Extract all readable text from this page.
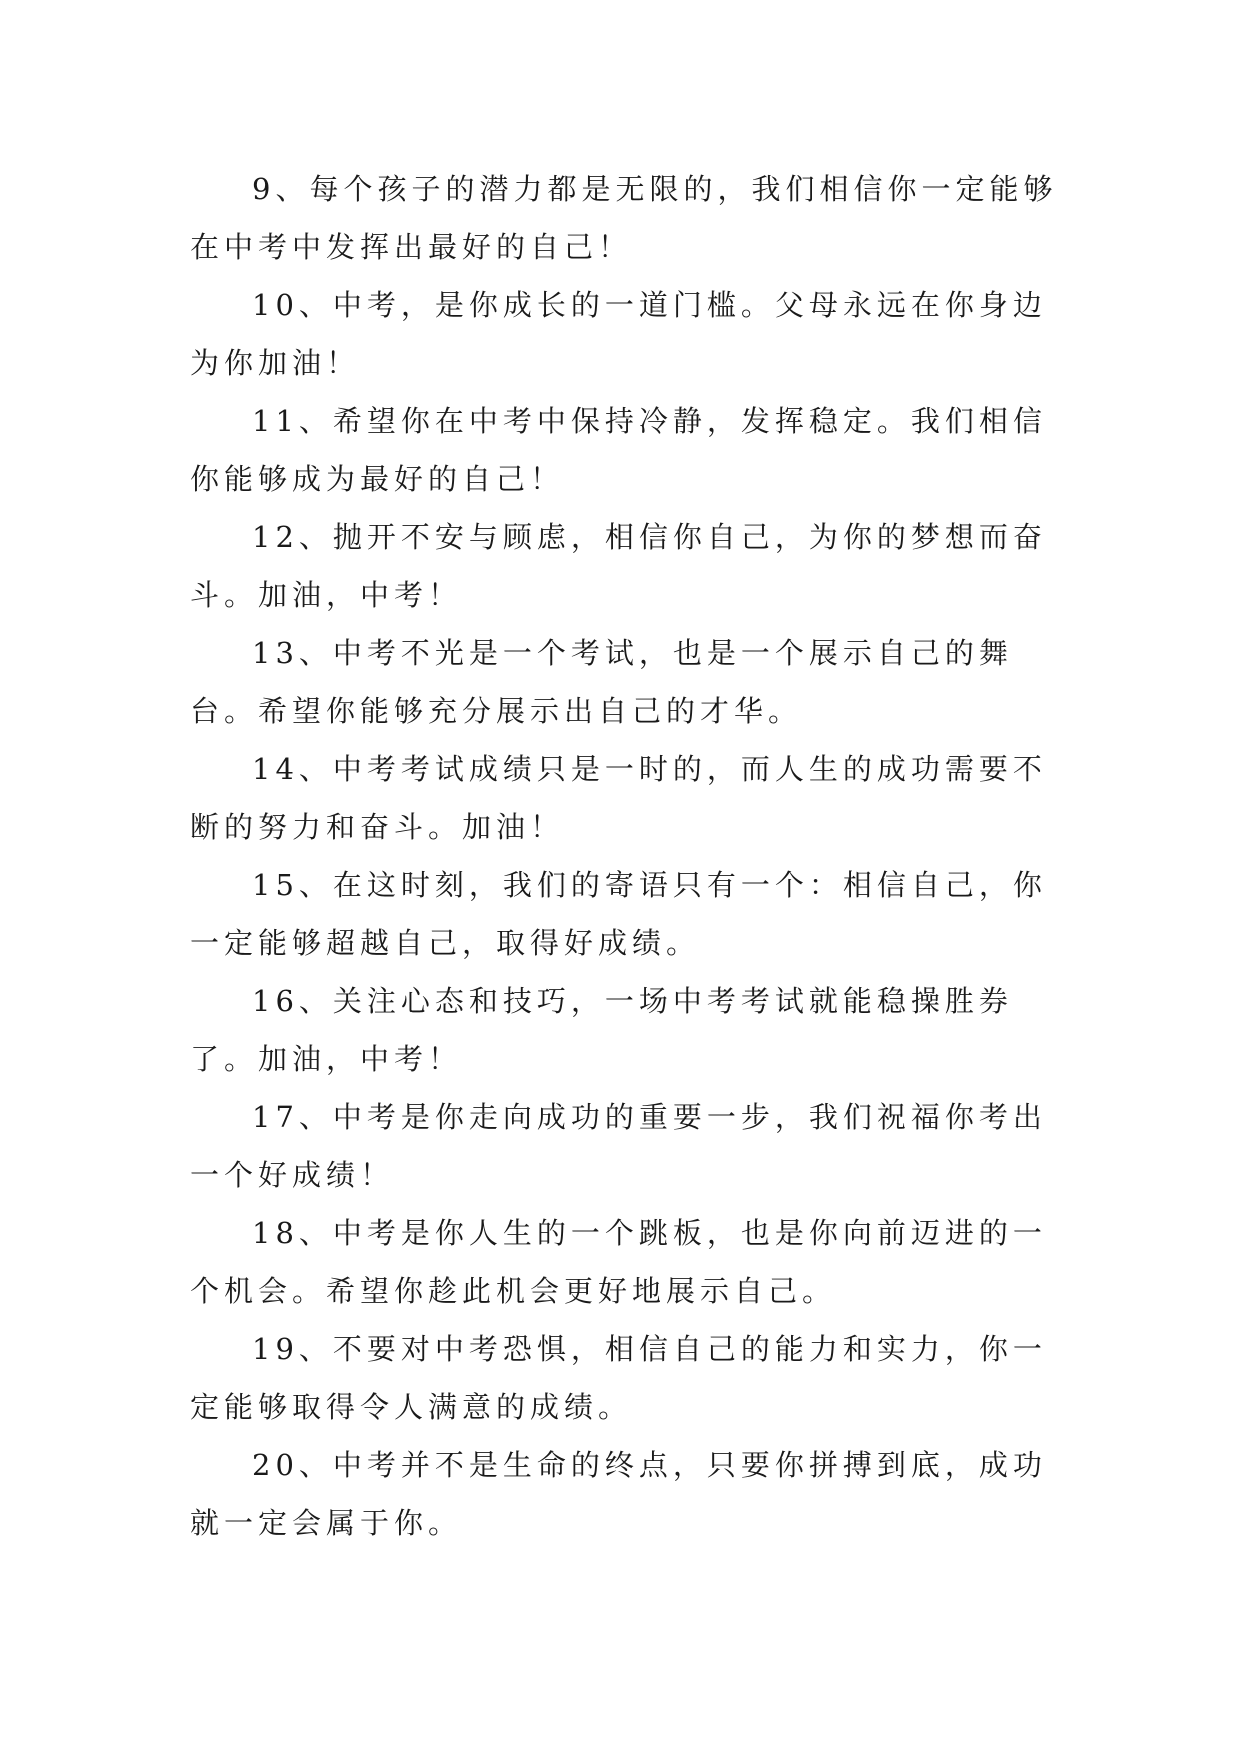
9、每个孩子的潜力都是无限的，我们相信你一定能够在中考中发挥出最好的自己！

10、中考，是你成长的一道门槛。父母永远在你身边为你加油！

11、希望你在中考中保持冷静，发挥稳定。我们相信你能够成为最好的自己！

12、抛开不安与顾虑，相信你自己，为你的梦想而奋斗。加油，中考！

13、中考不光是一个考试，也是一个展示自己的舞台。希望你能够充分展示出自己的才华。

14、中考考试成绩只是一时的，而人生的成功需要不断的努力和奋斗。加油！

15、在这时刻，我们的寄语只有一个：相信自己，你一定能够超越自己，取得好成绩。

16、关注心态和技巧，一场中考考试就能稳操胜券了。加油，中考！

17、中考是你走向成功的重要一步，我们祝福你考出一个好成绩！

18、中考是你人生的一个跳板，也是你向前迈进的一个机会。希望你趁此机会更好地展示自己。

19、不要对中考恐惧，相信自己的能力和实力，你一定能够取得令人满意的成绩。

20、中考并不是生命的终点，只要你拼搏到底，成功就一定会属于你。
